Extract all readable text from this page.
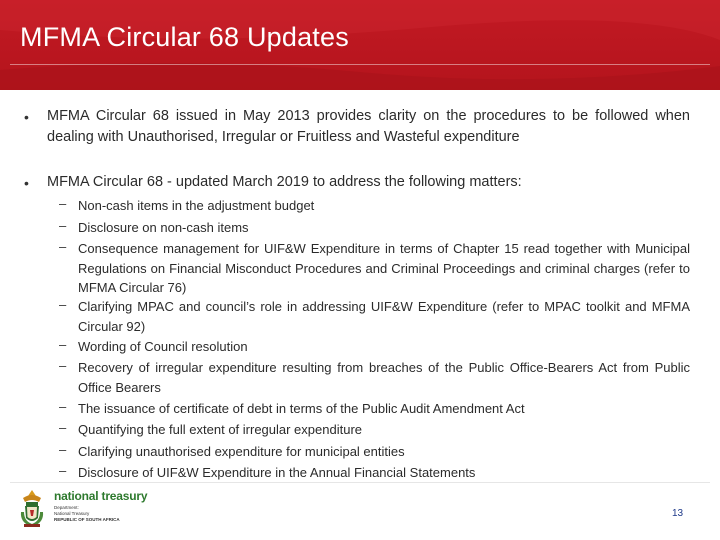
MFMA Circular 68 Updates
• MFMA Circular 68 issued in May 2013 provides clarity on the procedures to be followed when dealing with Unauthorised, Irregular or Fruitless and Wasteful expenditure
• MFMA Circular 68 - updated March 2019 to address the following matters:
– Non-cash items in the adjustment budget
– Disclosure on non-cash items
– Consequence management for UIF&W Expenditure in terms of Chapter 15 read together with Municipal Regulations on Financial Misconduct Procedures and Criminal Proceedings and criminal charges (refer to MFMA Circular 76)
– Clarifying MPAC and council’s role in addressing UIF&W Expenditure (refer to MPAC toolkit and MFMA Circular 92)
– Wording of Council resolution
– Recovery of irregular expenditure resulting from breaches of the Public Office-Bearers Act from Public Office Bearers
– The issuance of certificate of debt in terms of the Public Audit Amendment Act
– Quantifying the full extent of irregular expenditure
– Clarifying unauthorised expenditure for municipal entities
– Disclosure of UIF&W Expenditure in the Annual Financial Statements
national treasury
Department:
National Treasury
REPUBLIC OF SOUTH AFRICA
13
